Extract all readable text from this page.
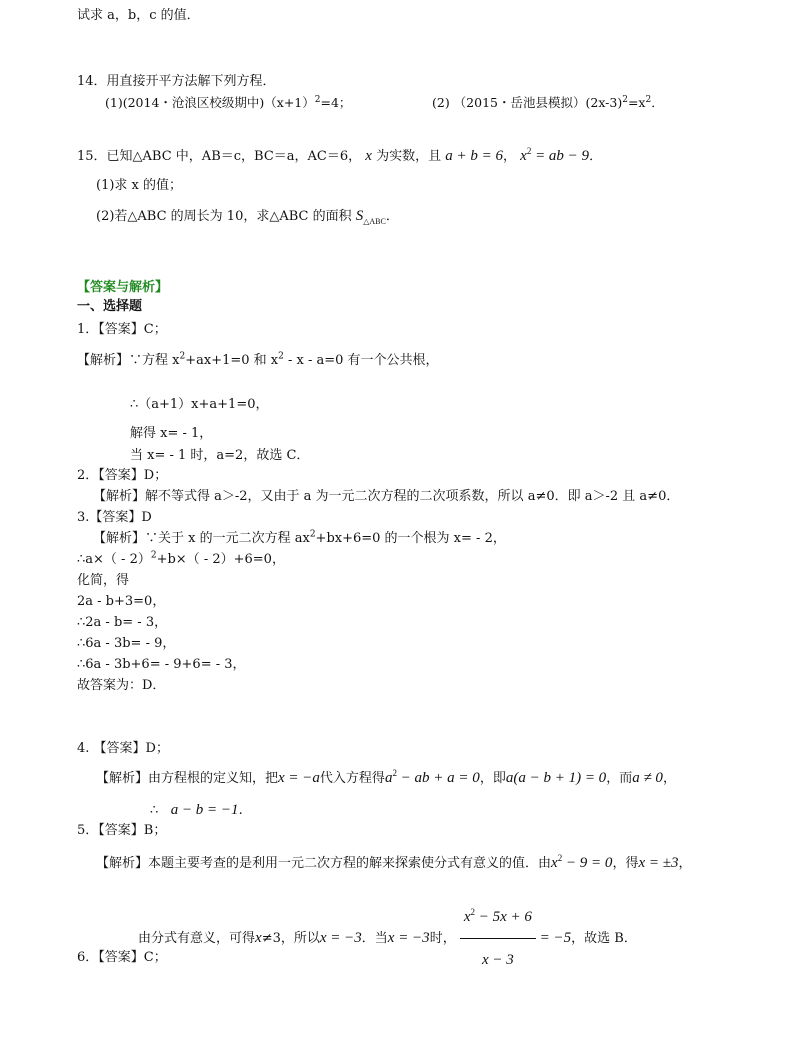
试求 a，b，c 的值．
14．用直接开平方法解下列方程．
(1)(2014・沧浪区校级期中)$(x+1)^2=4$；	(2) （2015・岳池县模拟）$(2x-3)^2=x^2$．
15．已知△ABC 中，AB＝c，BC＝a，AC＝6， x 为实数，且 a + b = 6， $x^2$ = ab − 9．
(1)求 x 的值；
(2)若△ABC 的周长为 10，求△ABC 的面积 $S_{\triangle ABC}$．
【答案与解析】
一、选择题
1．【答案】C；
【解析】∵方程 $x^2+ax+1=0$ 和 $x^2 - x - a=0$ 有一个公共根，
∴（a+1）x+a+1=0，
解得 x= - 1，
当 x= - 1 时，a=2，故选 C．
2．【答案】D；
【解析】解不等式得 a＞-2，又由于 a 为一元二次方程的二次项系数，所以 a≠0．即 a＞-2 且 a≠0．
3.【答案】D
【解析】∵关于 x 的一元二次方程 $ax^2+bx+6=0$ 的一个根为 x= - 2，
∴a×（ - 2）$^2$+b×（ - 2）+6=0，
化简，得
2a - b+3=0，
∴2a - b= - 3，
∴6a - 3b= - 9，
∴6a - 3b+6= - 9+6= - 3，
故答案为：D．
4. 【答案】D；
【解析】由方程根的定义知，把x = −a代入方程得$a^2$ − ab + a = 0，即a(a − b + 1) = 0，而a ≠ 0，
∴ a − b = −1.
5．【答案】B；
【解析】本题主要考查的是利用一元二次方程的解来探索使分式有意义的值．由$x^2 - 9 = 0$，得x = ±3，
由分式有意义，可得x≠3，所以x = −3．当x = −3时， $\frac{x^2 - 5x + 6}{x - 3} = -5$，故选 B．
6．【答案】C；
